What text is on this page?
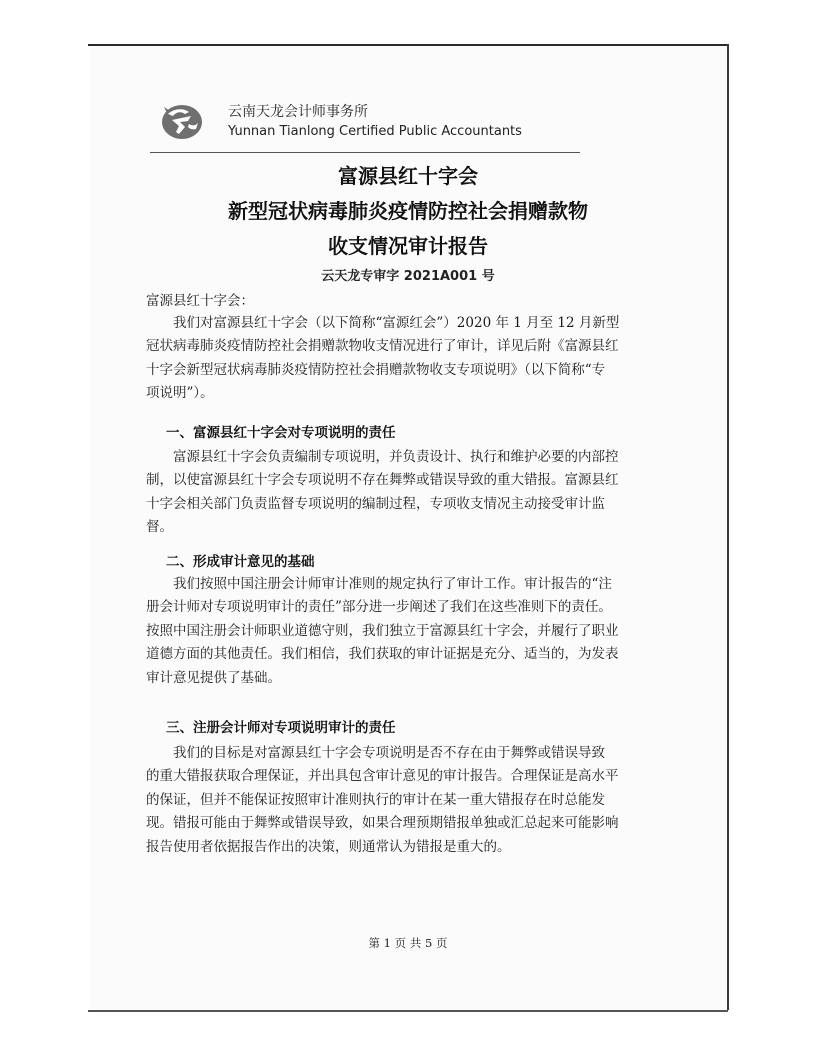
云南天龙会计师事务所
Yunnan Tianlong Certified Public Accountants
富源县红十字会
新型冠状病毒肺炎疫情防控社会捐赠款物
收支情况审计报告
云天龙专审字 2021A001 号
富源县红十字会：

我们对富源县红十字会（以下简称“富源红会”）2020 年 1 月至 12 月新型
冠状病毒肺炎疫情防控社会捐赠款物收支情况进行了审计，详见后附《富源县红
十字会新型冠状病毒肺炎疫情防控社会捐赠款物收支专项说明》（以下简称“专
项说明”）。

一、富源县红十字会对专项说明的责任

富源县红十字会负责编制专项说明，并负责设计、执行和维护必要的内部控
制，以使富源县红十字会专项说明不存在舞弊或错误导致的重大错报。富源县红
十字会相关部门负责监督专项说明的编制过程，专项收支情况主动接受审计监
督。

二、形成审计意见的基础

我们按照中国注册会计师审计准则的规定执行了审计工作。审计报告的“注
册会计师对专项说明审计的责任”部分进一步阐述了我们在这些准则下的责任。
按照中国注册会计师职业道德守则，我们独立于富源县红十字会，并履行了职业
道德方面的其他责任。我们相信，我们获取的审计证据是充分、适当的，为发表
审计意见提供了基础。

三、注册会计师对专项说明审计的责任

我们的目标是对富源县红十字会专项说明是否不存在由于舞弊或错误导致
的重大错报获取合理保证，并出具包含审计意见的审计报告。合理保证是高水平
的保证，但并不能保证按照审计准则执行的审计在某一重大错报存在时总能发
现。错报可能由于舞弊或错误导致，如果合理预期错报单独或汇总起来可能影响
报告使用者依据报告作出的决策，则通常认为错报是重大的。

第 1 页 共 5 页
